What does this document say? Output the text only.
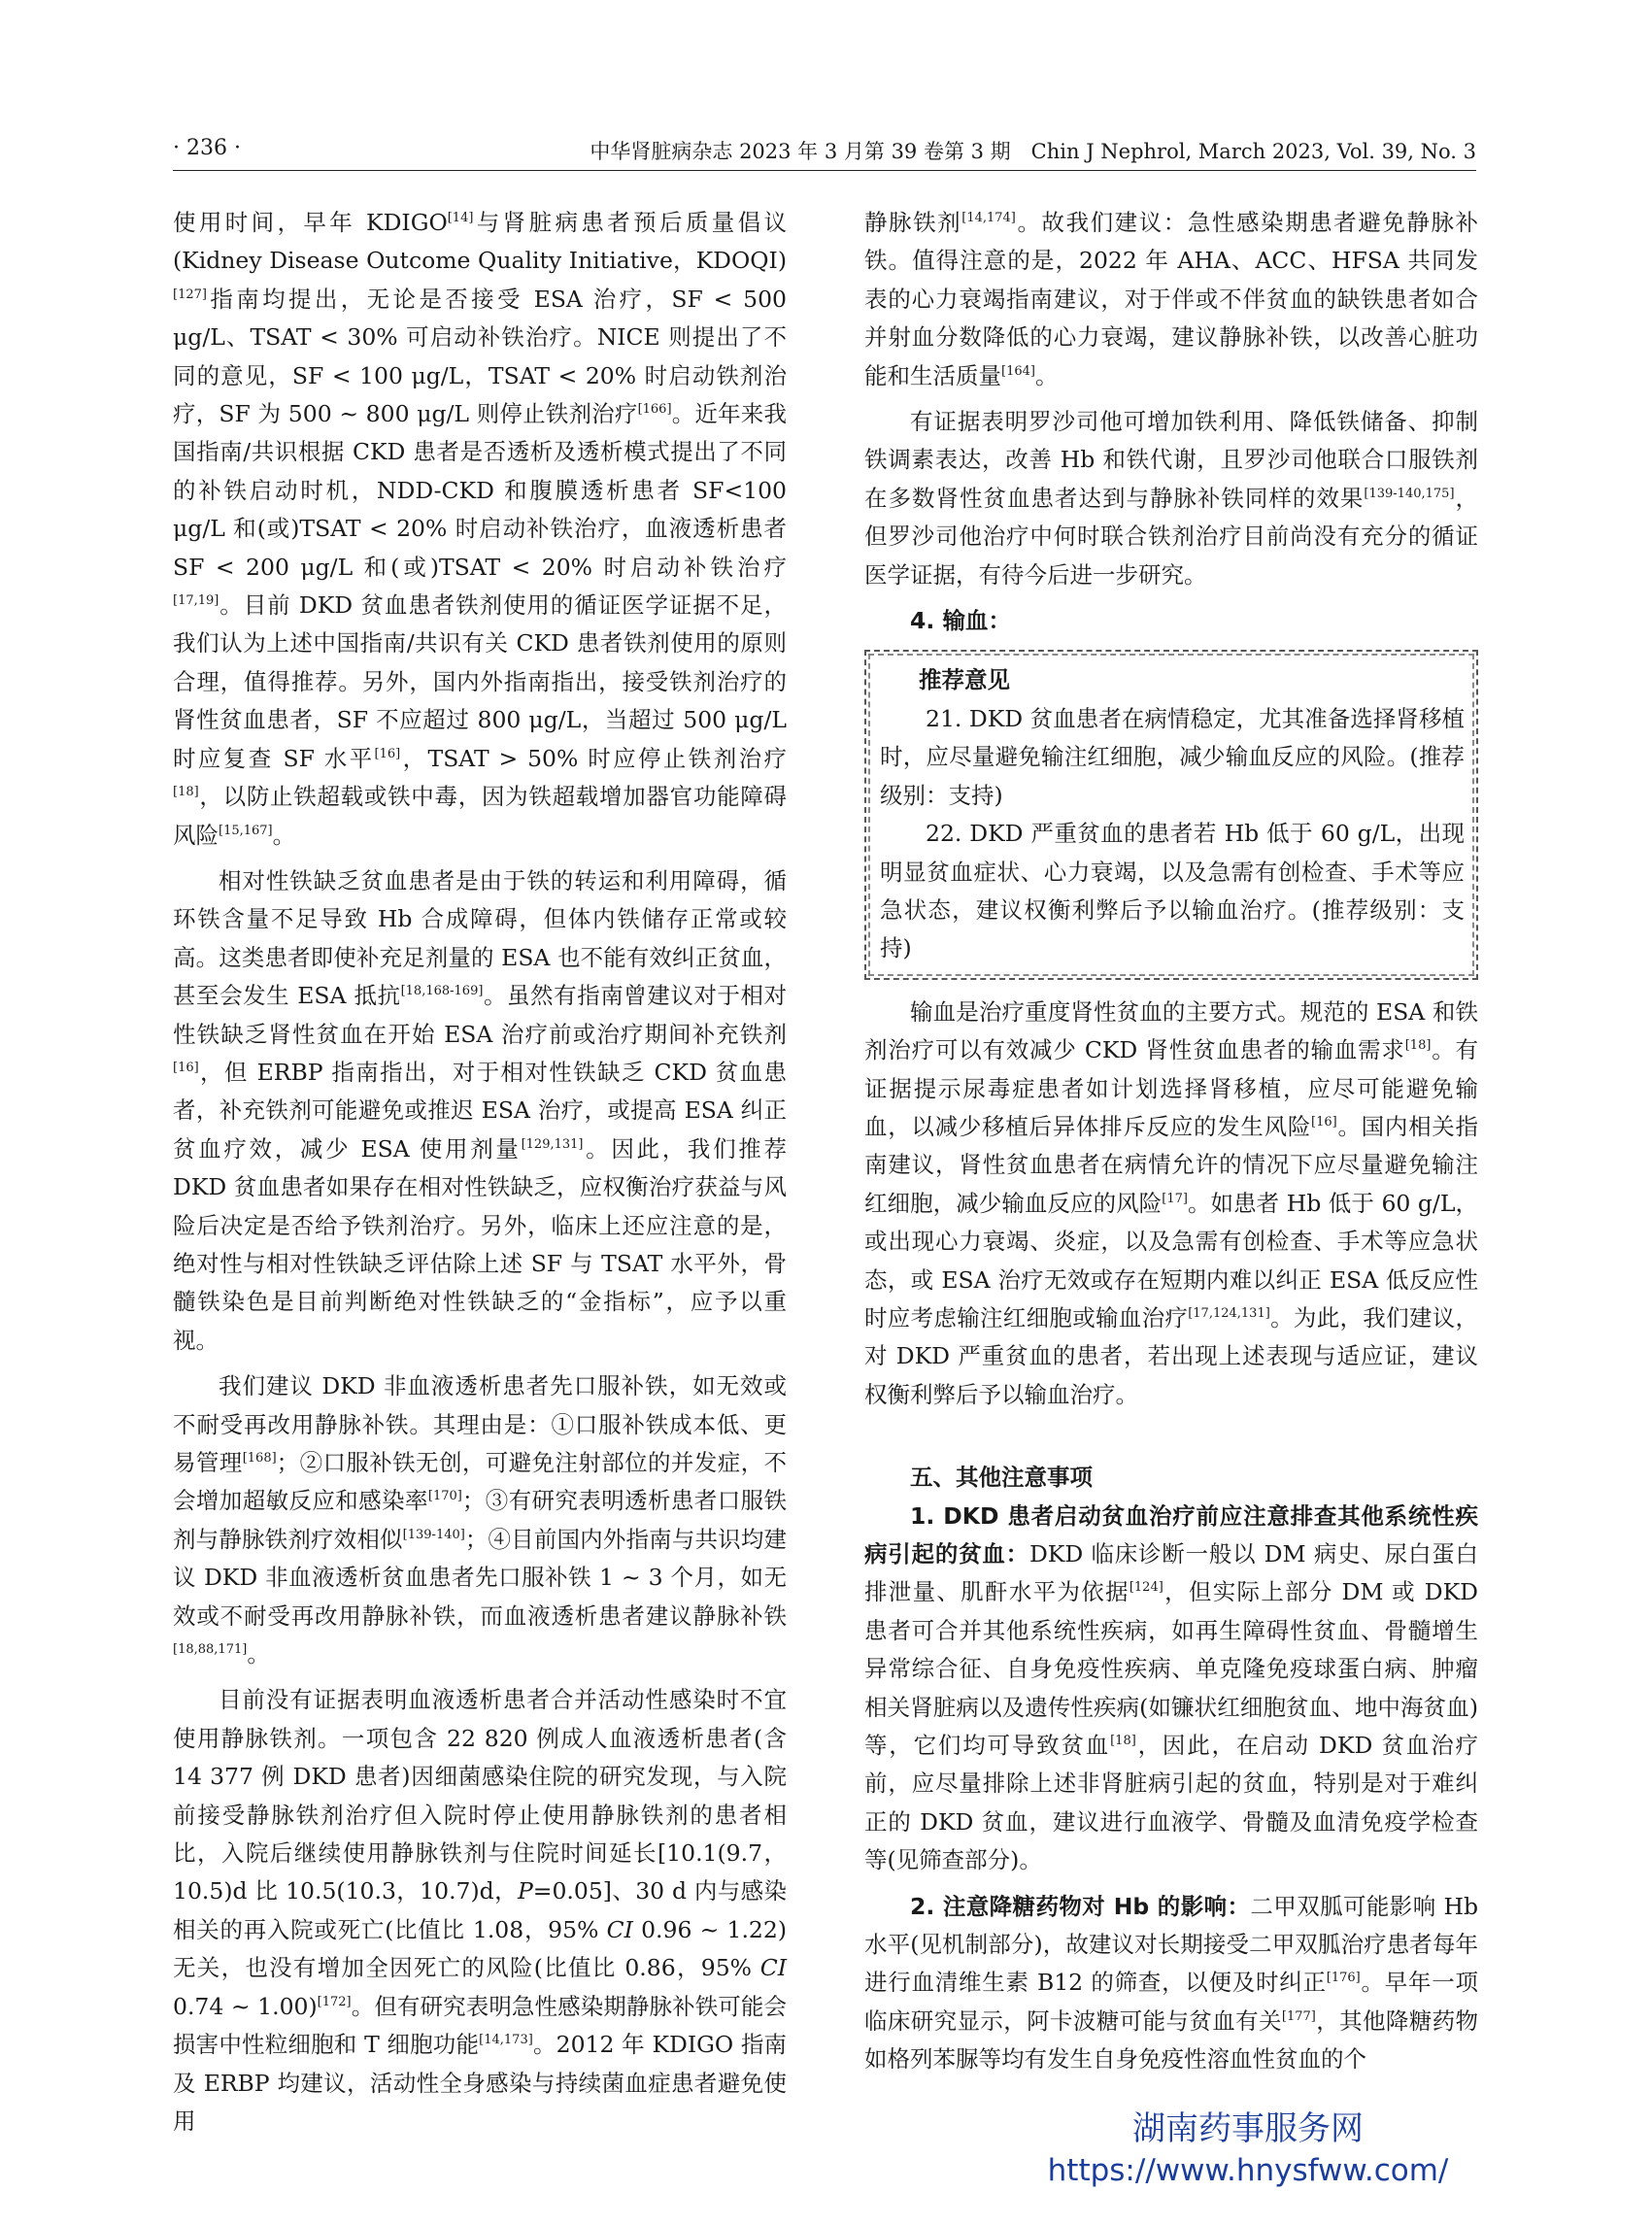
· 236 ·	中华肾脏病杂志 2023 年 3 月第 39 卷第 3 期　Chin J Nephrol, March 2023, Vol. 39, No. 3

使用时间，早年 KDIGO[14]与肾脏病患者预后质量倡议(Kidney Disease Outcome Quality Initiative，KDOQI)[127]指南均提出，无论是否接受 ESA 治疗，SF < 500 μg/L、TSAT < 30% 可启动补铁治疗。NICE 则提出了不同的意见，SF < 100 μg/L，TSAT < 20% 时启动铁剂治疗，SF 为 500 ~ 800 μg/L 则停止铁剂治疗[166]。近年来我国指南/共识根据 CKD 患者是否透析及透析模式提出了不同的补铁启动时机，NDD-CKD 和腹膜透析患者 SF<100 μg/L 和(或)TSAT < 20% 时启动补铁治疗，血液透析患者 SF < 200 μg/L 和(或)TSAT < 20% 时启动补铁治疗[17,19]。目前 DKD 贫血患者铁剂使用的循证医学证据不足，我们认为上述中国指南/共识有关 CKD 患者铁剂使用的原则合理，值得推荐。另外，国内外指南指出，接受铁剂治疗的肾性贫血患者，SF 不应超过 800 μg/L，当超过 500 μg/L 时应复查 SF 水平[16]，TSAT > 50% 时应停止铁剂治疗[18]，以防止铁超载或铁中毒，因为铁超载增加器官功能障碍风险[15,167]。

相对性铁缺乏贫血患者是由于铁的转运和利用障碍，循环铁含量不足导致 Hb 合成障碍，但体内铁储存正常或较高。这类患者即使补充足剂量的 ESA 也不能有效纠正贫血，甚至会发生 ESA 抵抗[18,168-169]。虽然有指南曾建议对于相对性铁缺乏肾性贫血在开始 ESA 治疗前或治疗期间补充铁剂[16]，但 ERBP 指南指出，对于相对性铁缺乏 CKD 贫血患者，补充铁剂可能避免或推迟 ESA 治疗，或提高 ESA 纠正贫血疗效，减少 ESA 使用剂量[129,131]。因此，我们推荐 DKD 贫血患者如果存在相对性铁缺乏，应权衡治疗获益与风险后决定是否给予铁剂治疗。另外，临床上还应注意的是，绝对性与相对性铁缺乏评估除上述 SF 与 TSAT 水平外，骨髓铁染色是目前判断绝对性铁缺乏的“金指标”，应予以重视。

我们建议 DKD 非血液透析患者先口服补铁，如无效或不耐受再改用静脉补铁。其理由是：①口服补铁成本低、更易管理[168]；②口服补铁无创，可避免注射部位的并发症，不会增加超敏反应和感染率[170]；③有研究表明透析患者口服铁剂与静脉铁剂疗效相似[139-140]；④目前国内外指南与共识均建议 DKD 非血液透析贫血患者先口服补铁 1 ~ 3 个月，如无效或不耐受再改用静脉补铁，而血液透析患者建议静脉补铁[18,88,171]。

目前没有证据表明血液透析患者合并活动性感染时不宜使用静脉铁剂。一项包含 22 820 例成人血液透析患者(含 14 377 例 DKD 患者)因细菌感染住院的研究发现，与入院前接受静脉铁剂治疗但入院时停止使用静脉铁剂的患者相比，入院后继续使用静脉铁剂与住院时间延长[10.1(9.7，10.5)d 比 10.5(10.3，10.7)d，P=0.05]、30 d 内与感染相关的再入院或死亡(比值比 1.08，95% CI 0.96 ~ 1.22)无关，也没有增加全因死亡的风险(比值比 0.86，95% CI 0.74 ~ 1.00)[172]。但有研究表明急性感染期静脉补铁可能会损害中性粒细胞和 T 细胞功能[14,173]。2012 年 KDIGO 指南及 ERBP 均建议，活动性全身感染与持续菌血症患者避免使用

静脉铁剂[14,174]。故我们建议：急性感染期患者避免静脉补铁。值得注意的是，2022 年 AHA、ACC、HFSA 共同发表的心力衰竭指南建议，对于伴或不伴贫血的缺铁患者如合并射血分数降低的心力衰竭，建议静脉补铁，以改善心脏功能和生活质量[164]。

有证据表明罗沙司他可增加铁利用、降低铁储备、抑制铁调素表达，改善 Hb 和铁代谢，且罗沙司他联合口服铁剂在多数肾性贫血患者达到与静脉补铁同样的效果[139-140,175]，但罗沙司他治疗中何时联合铁剂治疗目前尚没有充分的循证医学证据，有待今后进一步研究。

4. 输血：
推荐意见

21. DKD 贫血患者在病情稳定，尤其准备选择肾移植时，应尽量避免输注红细胞，减少输血反应的风险。(推荐级别：支持)

22. DKD 严重贫血的患者若 Hb 低于 60 g/L，出现明显贫血症状、心力衰竭，以及急需有创检查、手术等应急状态，建议权衡利弊后予以输血治疗。(推荐级别：支持)

输血是治疗重度肾性贫血的主要方式。规范的 ESA 和铁剂治疗可以有效减少 CKD 肾性贫血患者的输血需求[18]。有证据提示尿毒症患者如计划选择肾移植，应尽可能避免输血，以减少移植后异体排斥反应的发生风险[16]。国内相关指南建议，肾性贫血患者在病情允许的情况下应尽量避免输注红细胞，减少输血反应的风险[17]。如患者 Hb 低于 60 g/L，或出现心力衰竭、炎症，以及急需有创检查、手术等应急状态，或 ESA 治疗无效或存在短期内难以纠正 ESA 低反应性时应考虑输注红细胞或输血治疗[17,124,131]。为此，我们建议，对 DKD 严重贫血的患者，若出现上述表现与适应证，建议权衡利弊后予以输血治疗。

五、其他注意事项

1. DKD 患者启动贫血治疗前应注意排查其他系统性疾病引起的贫血：DKD 临床诊断一般以 DM 病史、尿白蛋白排泄量、肌酐水平为依据[124]，但实际上部分 DM 或 DKD 患者可合并其他系统性疾病，如再生障碍性贫血、骨髓增生异常综合征、自身免疫性疾病、单克隆免疫球蛋白病、肿瘤相关肾脏病以及遗传性疾病(如镰状红细胞贫血、地中海贫血)等，它们均可导致贫血[18]，因此，在启动 DKD 贫血治疗前，应尽量排除上述非肾脏病引起的贫血，特别是对于难纠正的 DKD 贫血，建议进行血液学、骨髓及血清免疫学检查等(见筛查部分)。

2. 注意降糖药物对 Hb 的影响：二甲双胍可能影响 Hb 水平(见机制部分)，故建议对长期接受二甲双胍治疗患者每年进行血清维生素 B12 的筛查，以便及时纠正[176]。早年一项临床研究显示，阿卡波糖可能与贫血有关[177]，其他降糖药物如格列苯脲等均有发生自身免疫性溶血性贫血的个

湖南药事服务网
https://www.hnysfww.com/
